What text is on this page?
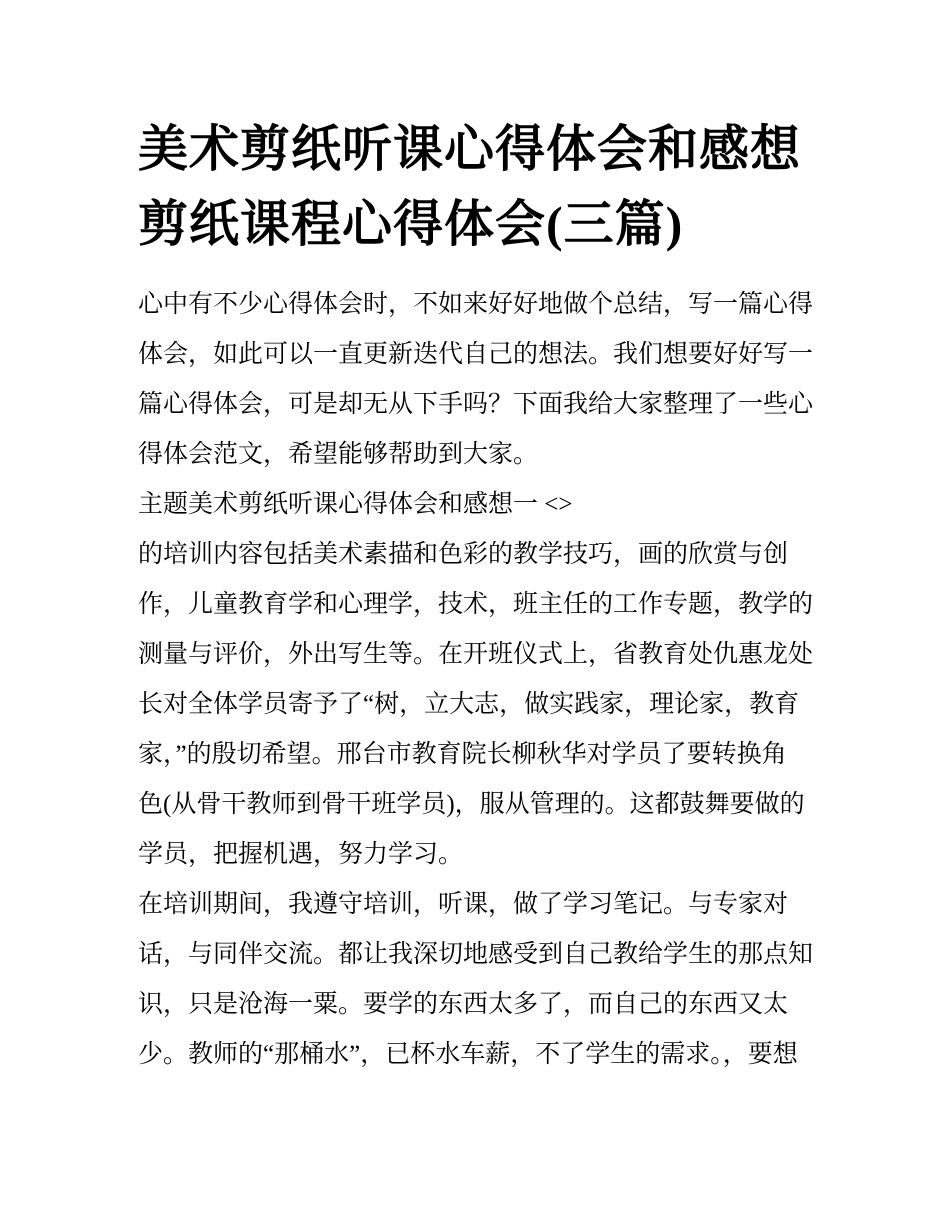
美术剪纸听课心得体会和感想
剪纸课程心得体会(三篇)
心中有不少心得体会时，不如来好好地做个总结，写一篇心得
体会，如此可以一直更新迭代自己的想法。我们想要好好写一
篇心得体会，可是却无从下手吗？下面我给大家整理了一些心
得体会范文，希望能够帮助到大家。
主题美术剪纸听课心得体会和感想一 <>
的培训内容包括美术素描和色彩的教学技巧，画的欣赏与创
作，儿童教育学和心理学，技术，班主任的工作专题，教学的
测量与评价，外出写生等。在开班仪式上，省教育处仇惠龙处
长对全体学员寄予了“树，立大志，做实践家，理论家，教育
家，”的殷切希望。邢台市教育院长柳秋华对学员了要转换角
色(从骨干教师到骨干班学员)，服从管理的。这都鼓舞要做的
学员，把握机遇，努力学习。
在培训期间，我遵守培训，听课，做了学习笔记。与专家对
话，与同伴交流。都让我深切地感受到自己教给学生的那点知
识，只是沧海一粟。要学的东西太多了，而自己的东西又太
少。教师的“那桶水”，已杯水车薪，不了学生的需求。，要想
